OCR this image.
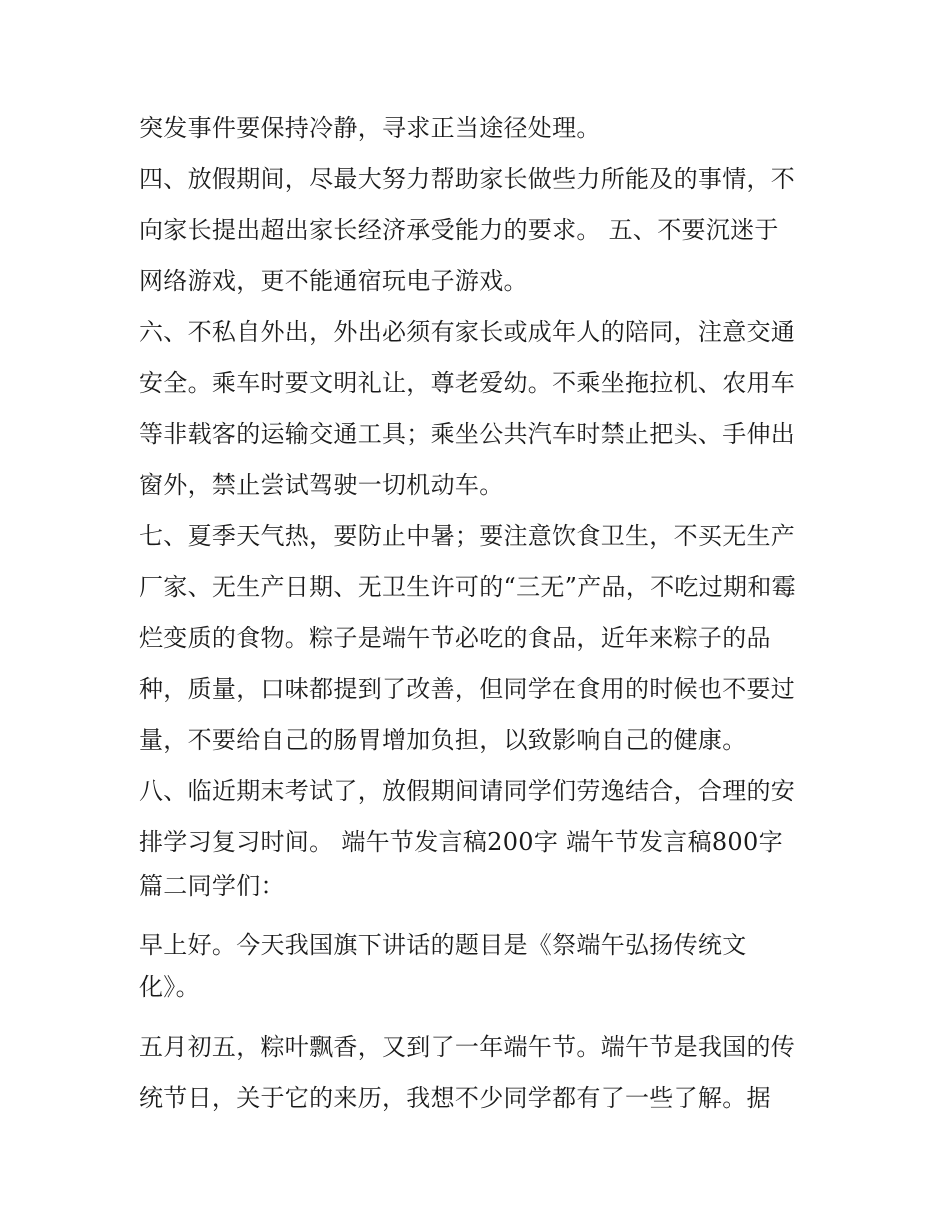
突发事件要保持冷静，寻求正当途径处理。
四、放假期间，尽最大努力帮助家长做些力所能及的事情，不
向家长提出超出家长经济承受能力的要求。 五、不要沉迷于
网络游戏，更不能通宿玩电子游戏。
六、不私自外出，外出必须有家长或成年人的陪同，注意交通
安全。乘车时要文明礼让，尊老爱幼。不乘坐拖拉机、农用车
等非载客的运输交通工具；乘坐公共汽车时禁止把头、手伸出
窗外，禁止尝试驾驶一切机动车。
七、夏季天气热，要防止中暑；要注意饮食卫生，不买无生产
厂家、无生产日期、无卫生许可的“三无”产品，不吃过期和霉
烂变质的食物。粽子是端午节必吃的食品，近年来粽子的品
种，质量，口味都提到了改善，但同学在食用的时候也不要过
量，不要给自己的肠胃增加负担，以致影响自己的健康。
八、临近期末考试了，放假期间请同学们劳逸结合，合理的安
排学习复习时间。 端午节发言稿200字 端午节发言稿800字
篇二同学们：
早上好。今天我国旗下讲话的题目是《祭端午弘扬传统文
化》。
五月初五，粽叶飘香，又到了一年端午节。端午节是我国的传
统节日，关于它的来历，我想不少同学都有了一些了解。据
